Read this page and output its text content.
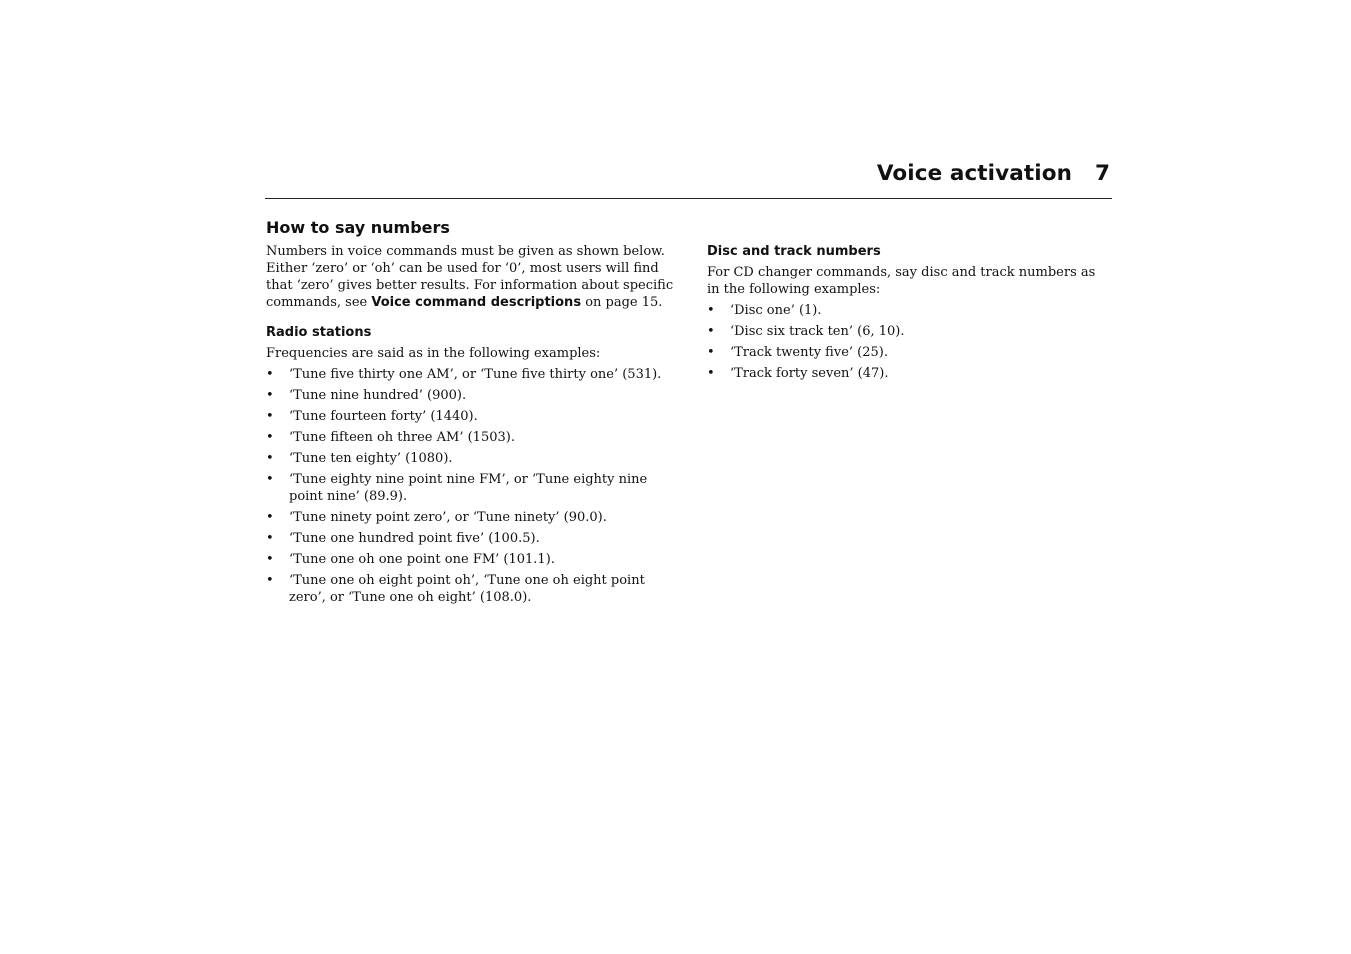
Voice activation 7
How to say numbers

Numbers in voice commands must be given as shown below. Either ‘zero’ or ‘oh’ can be used for ‘0’, most users will find that ‘zero’ gives better results. For information about specific commands, see Voice command descriptions on page 15.

Radio stations

Frequencies are said as in the following examples:

• ‘Tune five thirty one AM’, or ‘Tune five thirty one’ (531).
• ‘Tune nine hundred’ (900).
• ‘Tune fourteen forty’ (1440).
• ‘Tune fifteen oh three AM’ (1503).
• ‘Tune ten eighty’ (1080).
• ‘Tune eighty nine point nine FM’, or ‘Tune eighty nine point nine’ (89.9).
• ‘Tune ninety point zero’, or ‘Tune ninety’ (90.0).
• ‘Tune one hundred point five’ (100.5).
• ‘Tune one oh one point one FM’ (101.1).
• ‘Tune one oh eight point oh’, ‘Tune one oh eight point zero’, or ‘Tune one oh eight’ (108.0).
Disc and track numbers

For CD changer commands, say disc and track numbers as in the following examples:

• ‘Disc one’ (1).
• ‘Disc six track ten’ (6, 10).
• ‘Track twenty five’ (25).
• ‘Track forty seven’ (47).
